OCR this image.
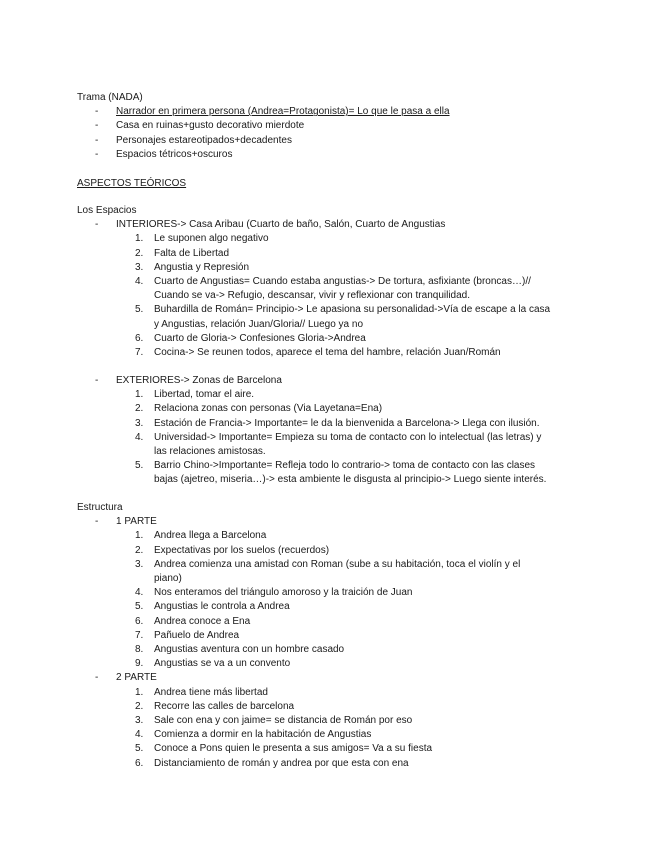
Trama (NADA)
- Narrador en primera persona (Andrea=Protagonista)= Lo que le pasa a ella
- Casa en ruinas+gusto decorativo mierdote
- Personajes estareotipados+decadentes
- Espacios tétricos+oscuros
ASPECTOS TEÓRICOS
Los Espacios
- INTERIORES-> Casa Aribau (Cuarto de baño, Salón, Cuarto de Angustias
1. Le suponen algo negativo
2. Falta de Libertad
3. Angustia y Represión
4. Cuarto de Angustias= Cuando estaba angustias-> De tortura, asfixiante (broncas…)//
Cuando se va-> Refugio, descansar, vivir y reflexionar con tranquilidad.
5. Buhardilla de Román= Principio-> Le apasiona su personalidad->Vía de escape a la casa
y Angustias, relación Juan/Gloria// Luego ya no
6. Cuarto de Gloria-> Confesiones Gloria->Andrea
7. Cocina-> Se reunen todos, aparece el tema del hambre, relación Juan/Román
- EXTERIORES-> Zonas de Barcelona
1. Libertad, tomar el aire.
2. Relaciona zonas con personas (Via Layetana=Ena)
3. Estación de Francia-> Importante= le da la bienvenida a Barcelona-> Llega con ilusión.
4. Universidad-> Importante= Empieza su toma de contacto con lo intelectual (las letras) y
las relaciones amistosas.
5. Barrio Chino->Importante= Refleja todo lo contrario-> toma de contacto con las clases
bajas (ajetreo, miseria…)-> esta ambiente le disgusta al principio-> Luego siente interés.
Estructura
- 1 PARTE
1. Andrea llega a Barcelona
2. Expectativas por los suelos (recuerdos)
3. Andrea comienza una amistad con Roman (sube a su habitación, toca el violín y el
piano)
4. Nos enteramos del triángulo amoroso y la traición de Juan
5. Angustias le controla a Andrea
6. Andrea conoce a Ena
7. Pañuelo de Andrea
8. Angustias aventura con un hombre casado
9. Angustias se va a un convento
- 2 PARTE
1. Andrea tiene más libertad
2. Recorre las calles de barcelona
3. Sale con ena y con jaime= se distancia de Román por eso
4. Comienza a dormir en la habitación de Angustias
5. Conoce a Pons quien le presenta a sus amigos= Va a su fiesta
6. Distanciamiento de román y andrea por que esta con ena
